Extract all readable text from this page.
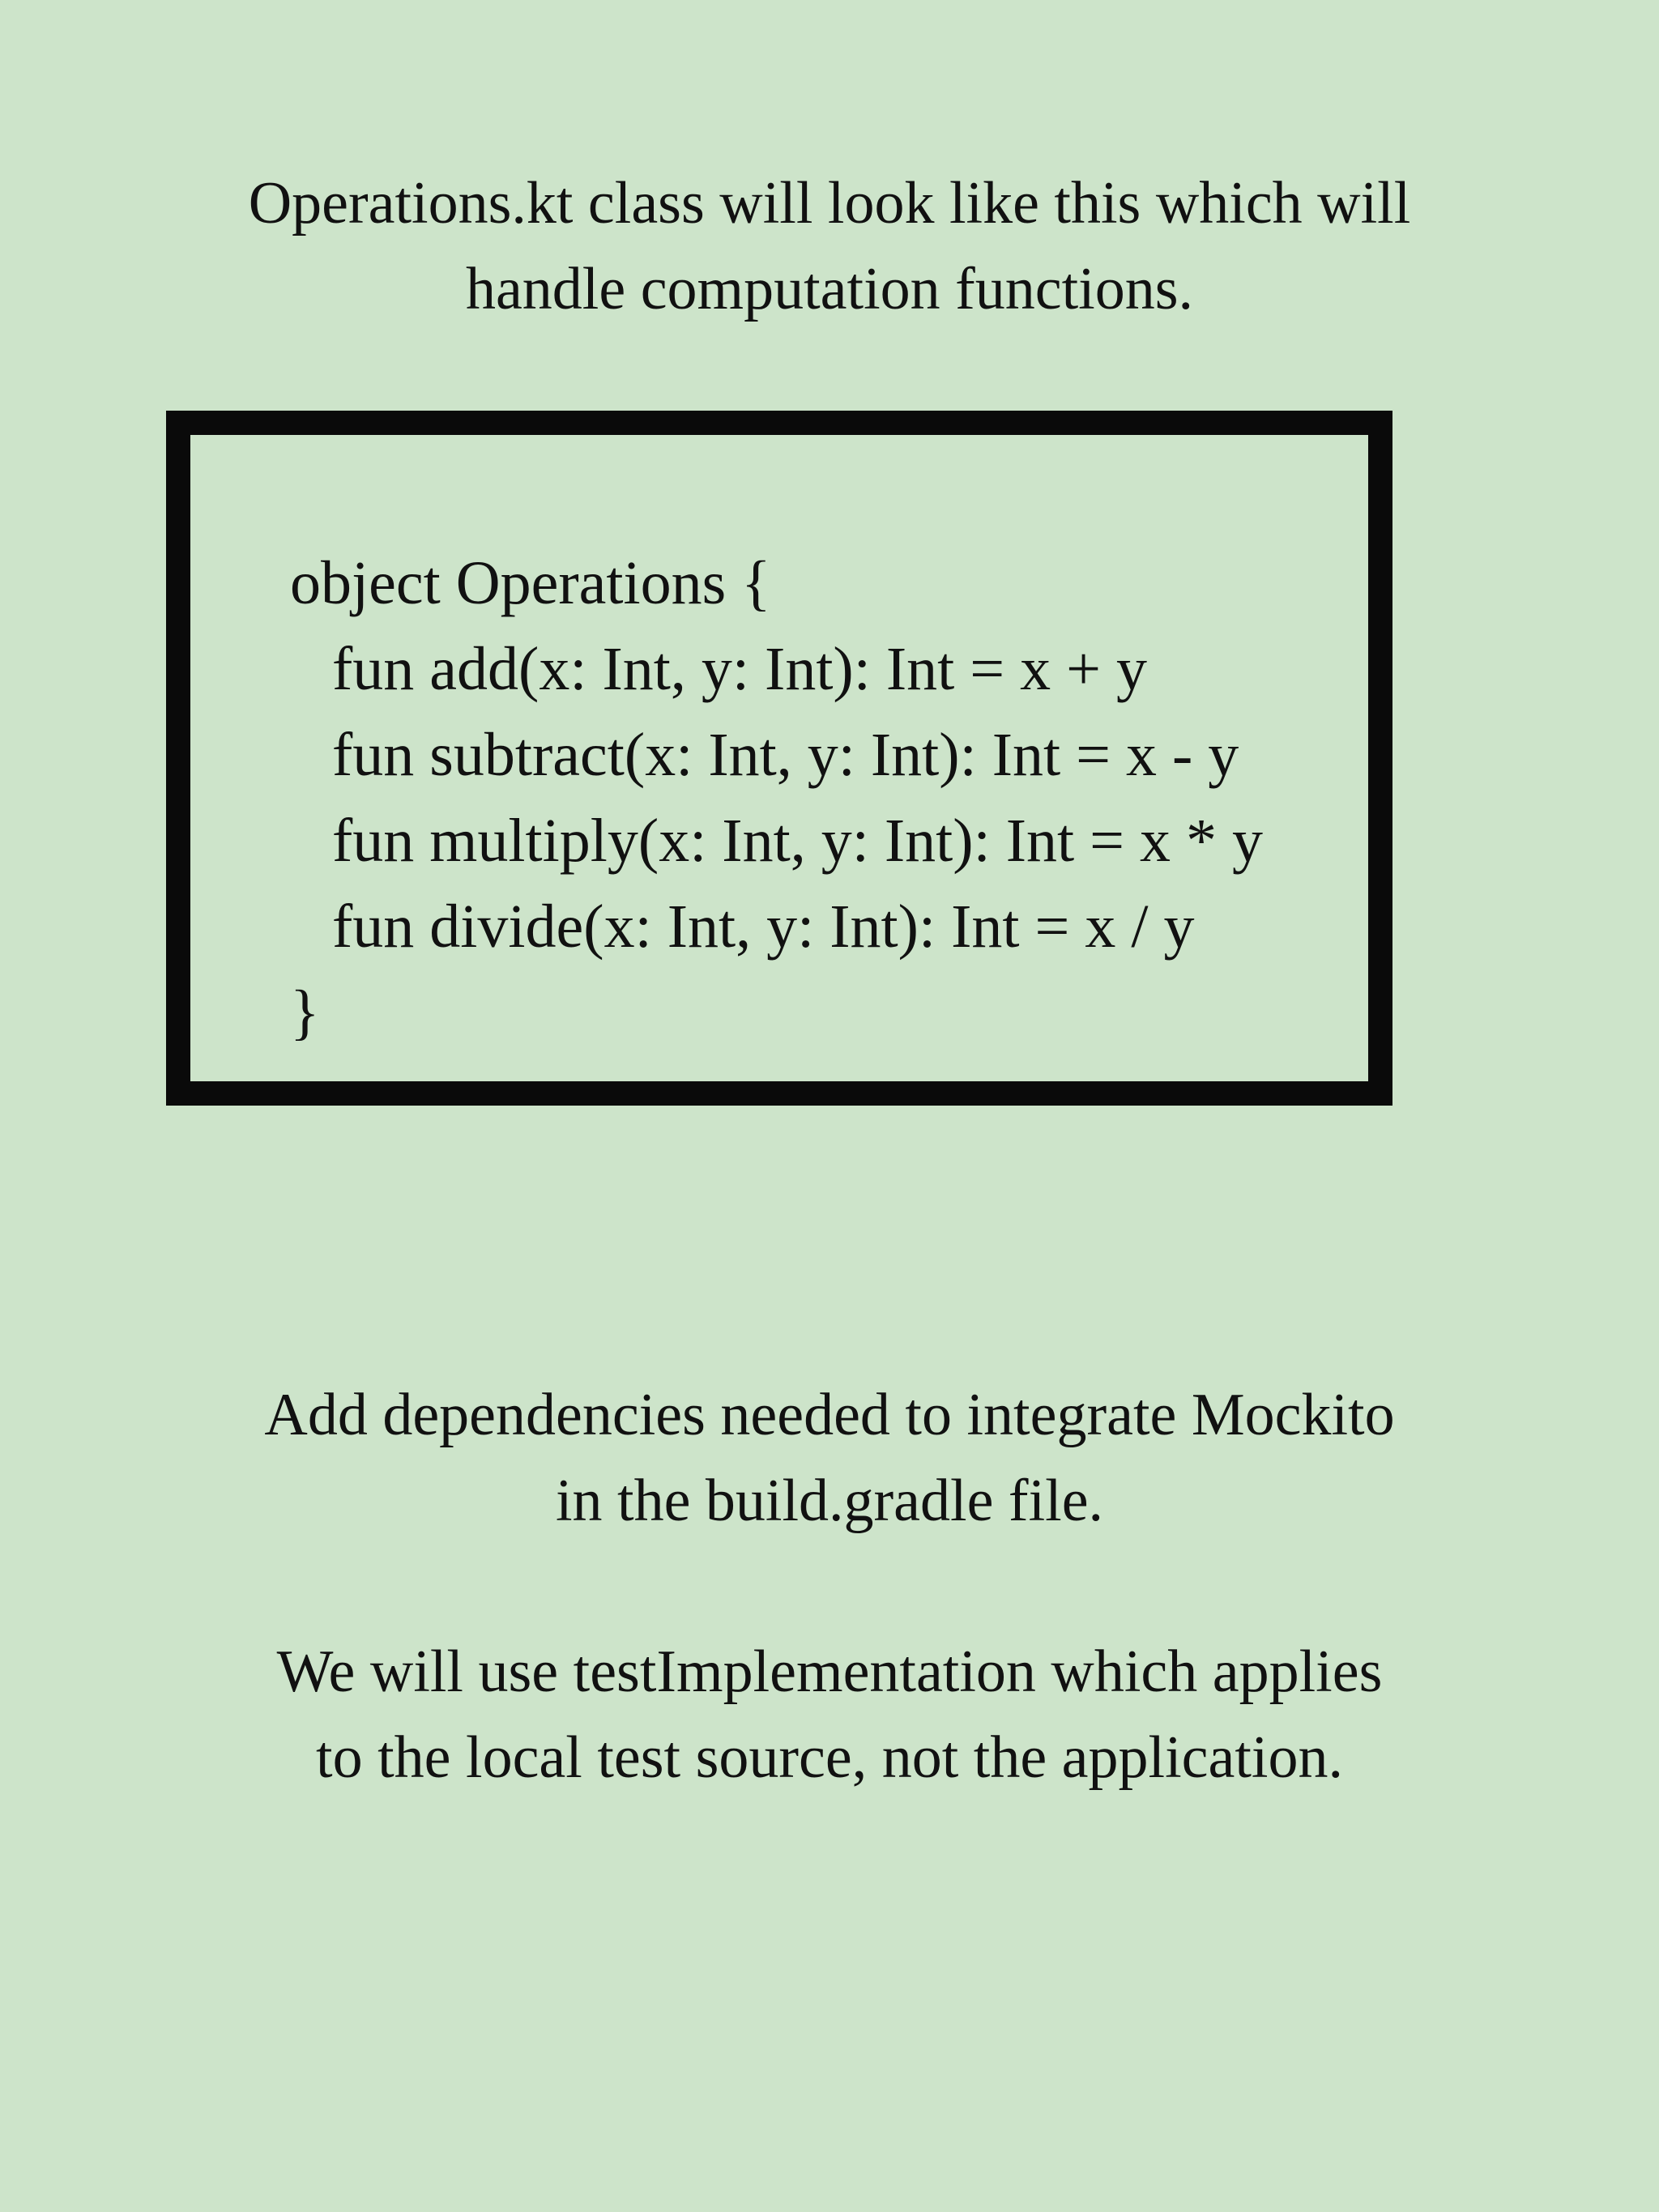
Operations.kt class will look like this which will
handle computation functions.

object Operations {
fun add(x: Int, y: Int): Int = x + y
fun subtract(x: Int, y: Int): Int = x - y
fun multiply(x: Int, y: Int): Int = x * y
fun divide(x: Int, y: Int): Int = x / y
}

Add dependencies needed to integrate Mockito
in the build.gradle file.

We will use testImplementation which applies
to the local test source, not the application.
